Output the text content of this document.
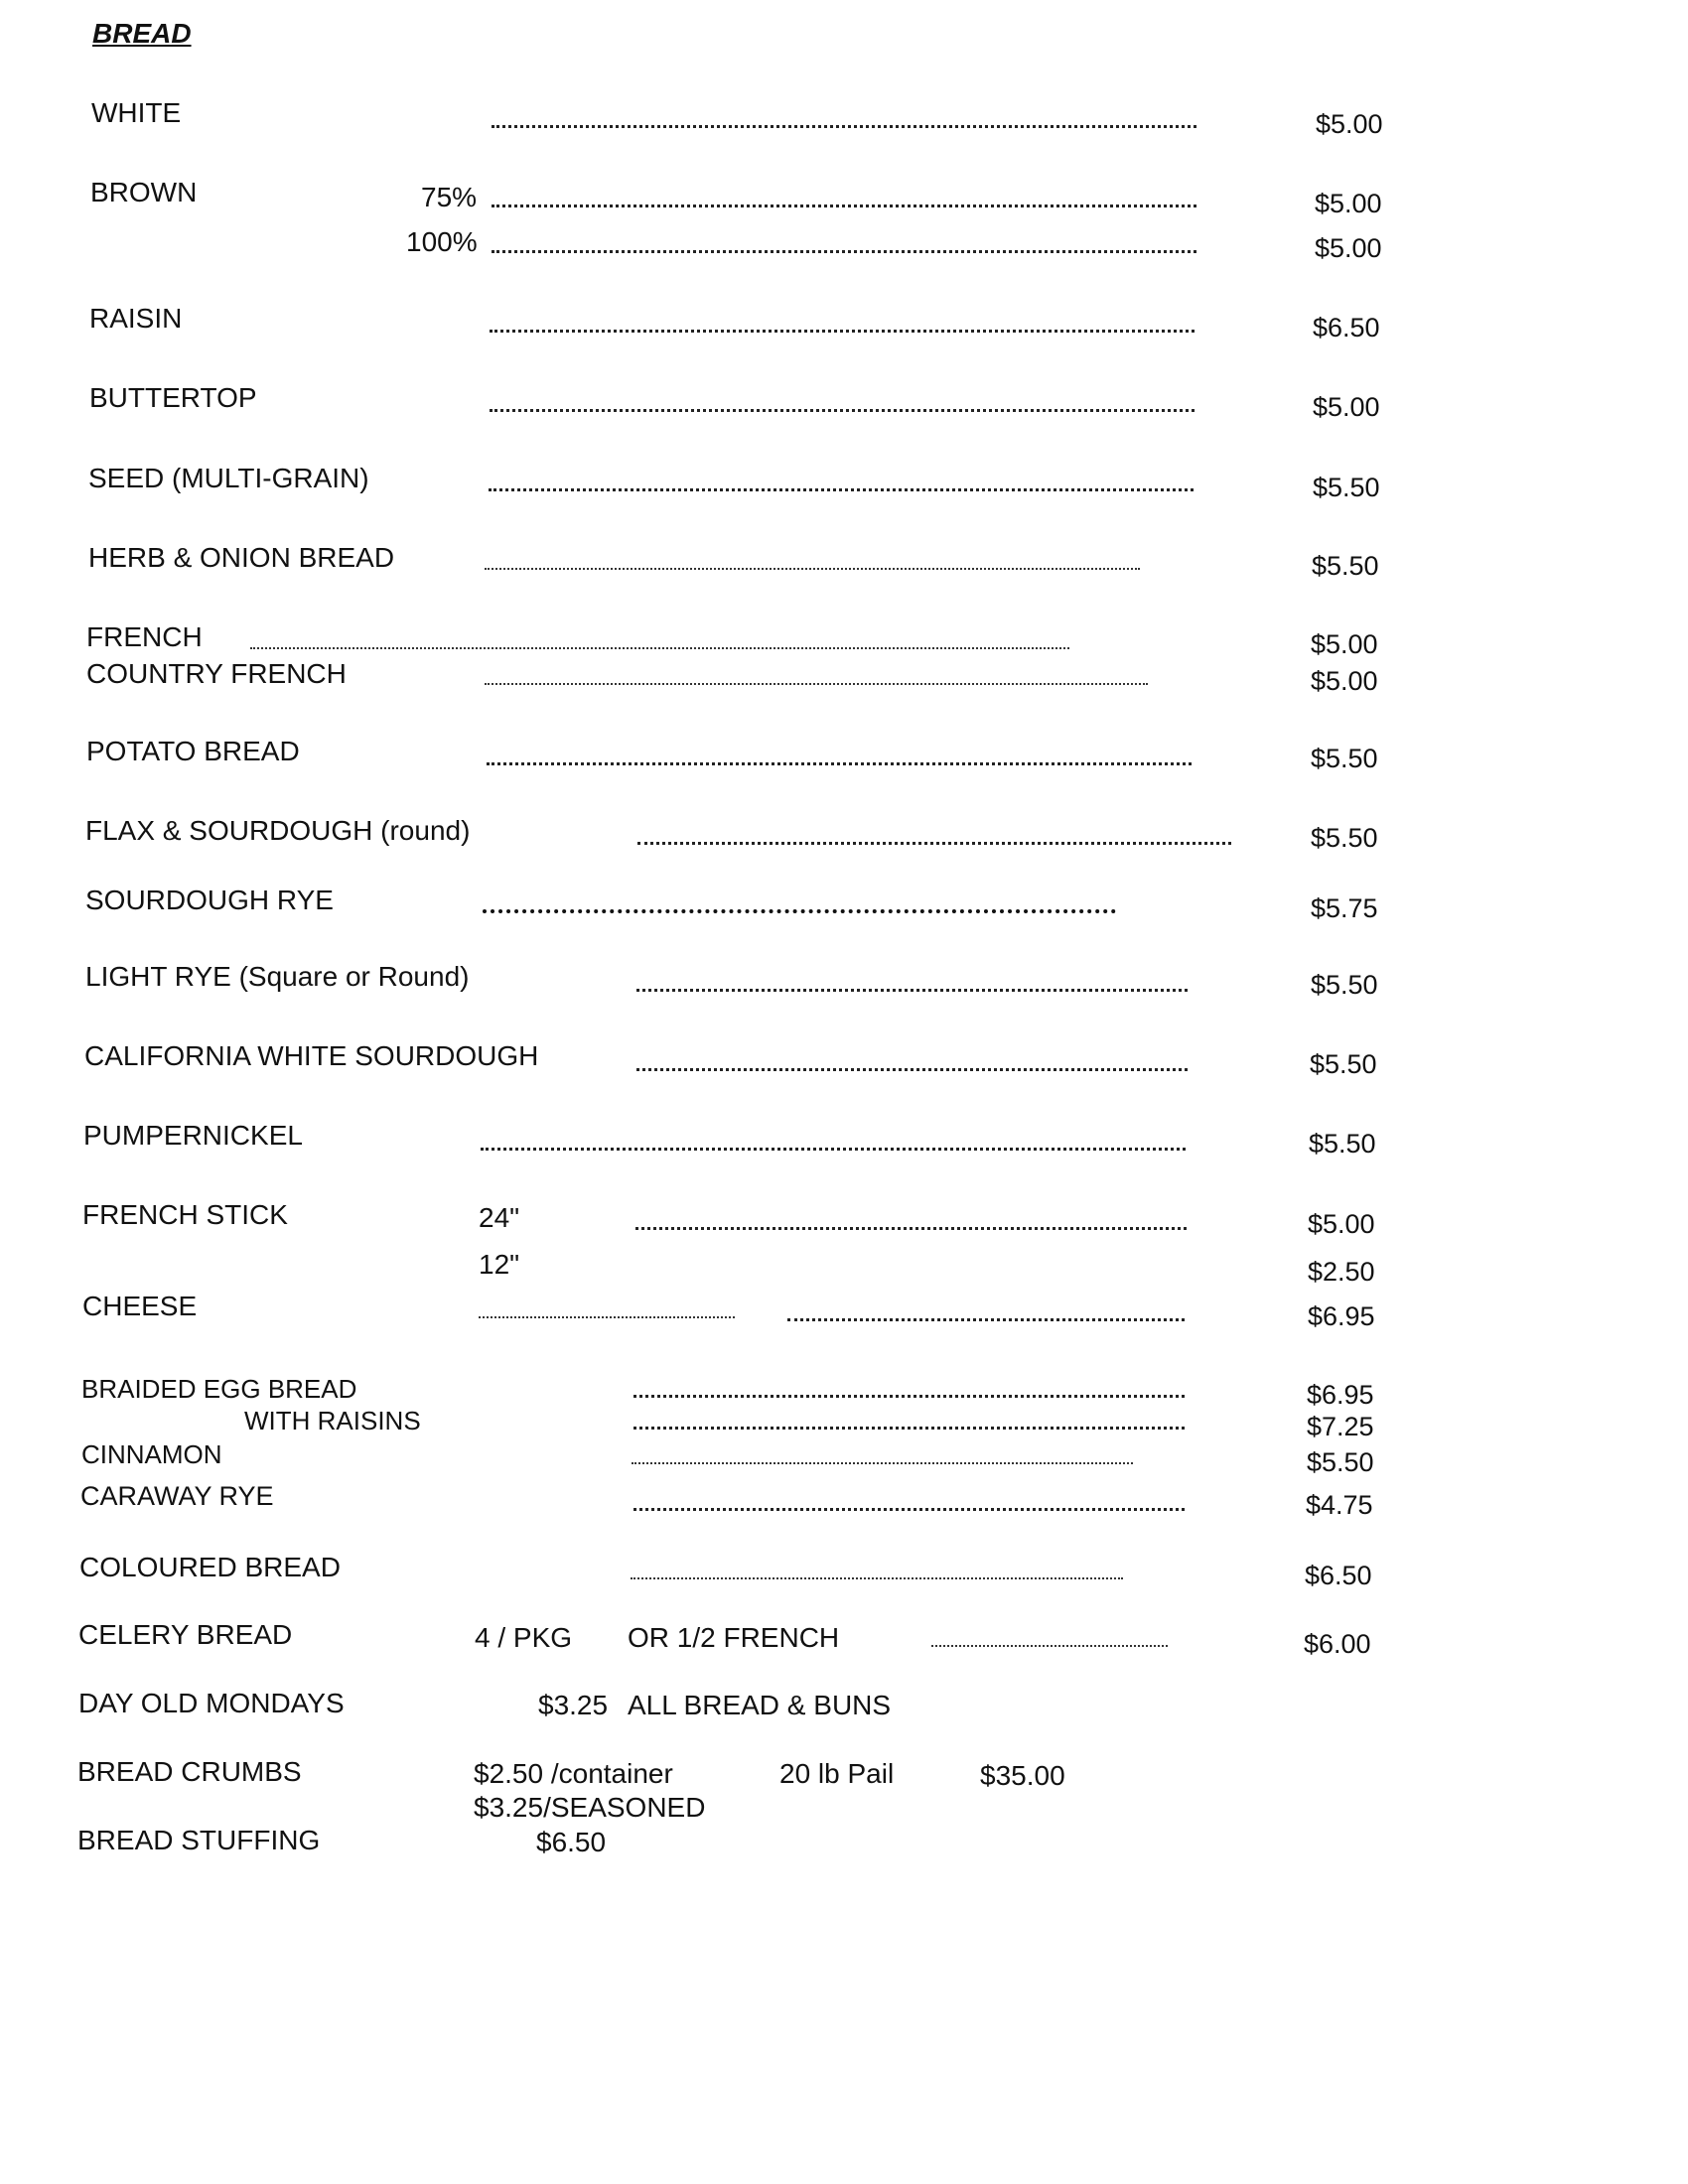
BREAD
WHITE	$5.00
BROWN	75%	$5.00
100%	$5.00
RAISIN	$6.50
BUTTERTOP	$5.00
SEED (MULTI-GRAIN)	$5.50
HERB & ONION BREAD	$5.50
FRENCH	$5.00
COUNTRY FRENCH	$5.00
POTATO BREAD	$5.50
FLAX & SOURDOUGH (round)	$5.50
SOURDOUGH RYE	$5.75
LIGHT RYE (Square or Round)	$5.50
CALIFORNIA WHITE SOURDOUGH	$5.50
PUMPERNICKEL	$5.50
FRENCH STICK	24"	$5.00
12"	$2.50
CHEESE	$6.95
BRAIDED EGG BREAD	$6.95
WITH RAISINS	$7.25
CINNAMON	$5.50
CARAWAY RYE	$4.75
COLOURED BREAD	$6.50
CELERY BREAD	4 / PKG OR 1/2 FRENCH	$6.00
DAY OLD MONDAYS	$3.25 ALL BREAD & BUNS
BREAD CRUMBS	$2.50 /container	20 lb Pail	$35.00
$3.25/SEASONED
BREAD STUFFING	$6.50
